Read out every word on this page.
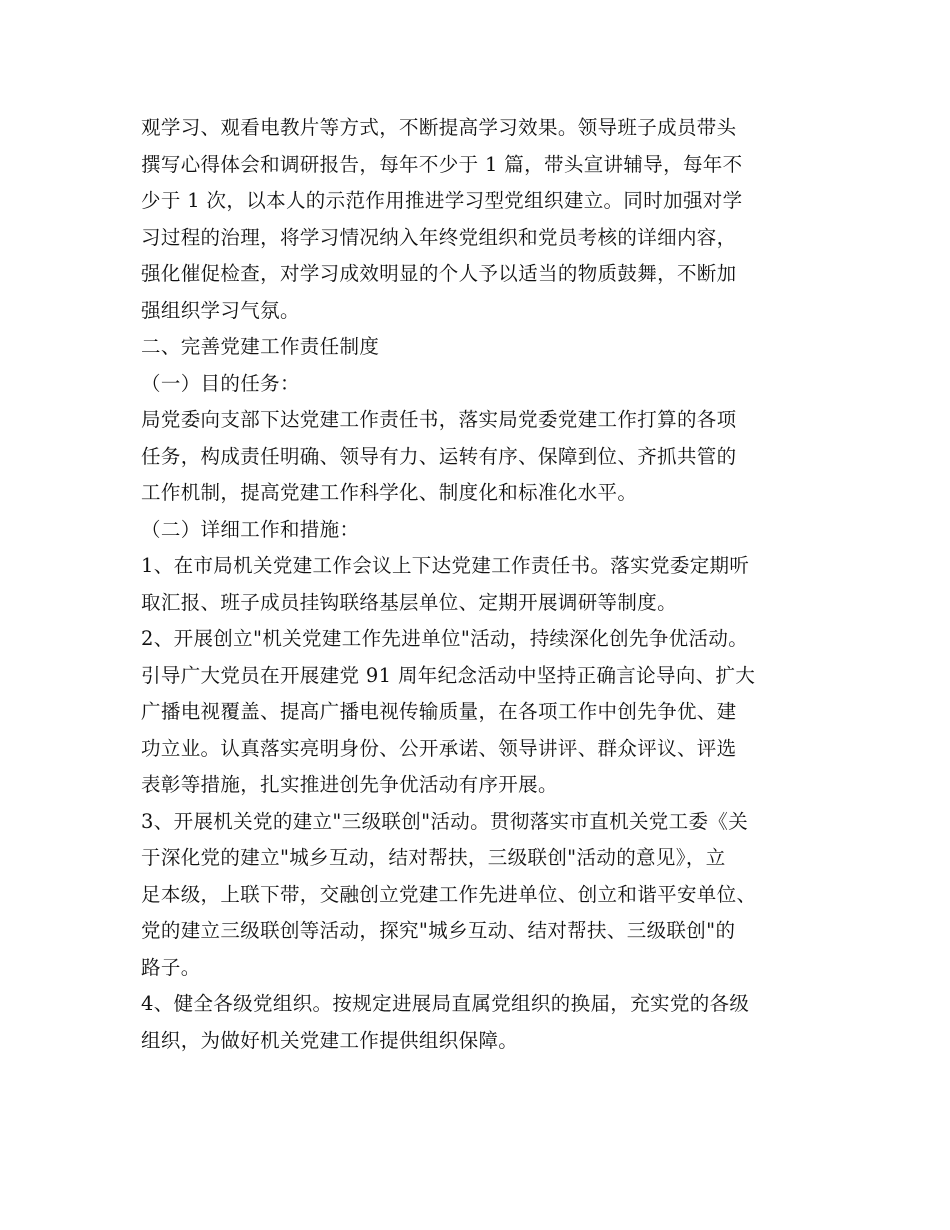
观学习、观看电教片等方式，不断提高学习效果。领导班子成员带头
撰写心得体会和调研报告，每年不少于 1 篇，带头宣讲辅导，每年不
少于 1 次，以本人的示范作用推进学习型党组织建立。同时加强对学
习过程的治理，将学习情况纳入年终党组织和党员考核的详细内容，
强化催促检查，对学习成效明显的个人予以适当的物质鼓舞，不断加
强组织学习气氛。
二、完善党建工作责任制度
（一）目的任务：
局党委向支部下达党建工作责任书，落实局党委党建工作打算的各项
任务，构成责任明确、领导有力、运转有序、保障到位、齐抓共管的
工作机制，提高党建工作科学化、制度化和标准化水平。
（二）详细工作和措施：
1、在市局机关党建工作会议上下达党建工作责任书。落实党委定期听
取汇报、班子成员挂钩联络基层单位、定期开展调研等制度。
2、开展创立"机关党建工作先进单位"活动，持续深化创先争优活动。
引导广大党员在开展建党 91 周年纪念活动中坚持正确言论导向、扩大
广播电视覆盖、提高广播电视传输质量，在各项工作中创先争优、建
功立业。认真落实亮明身份、公开承诺、领导讲评、群众评议、评选
表彰等措施，扎实推进创先争优活动有序开展。
3、开展机关党的建立"三级联创"活动。贯彻落实市直机关党工委《关
于深化党的建立"城乡互动，结对帮扶，三级联创"活动的意见》，立
足本级，上联下带，交融创立党建工作先进单位、创立和谐平安单位、
党的建立三级联创等活动，探究"城乡互动、结对帮扶、三级联创"的
路子。
4、健全各级党组织。按规定进展局直属党组织的换届，充实党的各级
组织，为做好机关党建工作提供组织保障。
